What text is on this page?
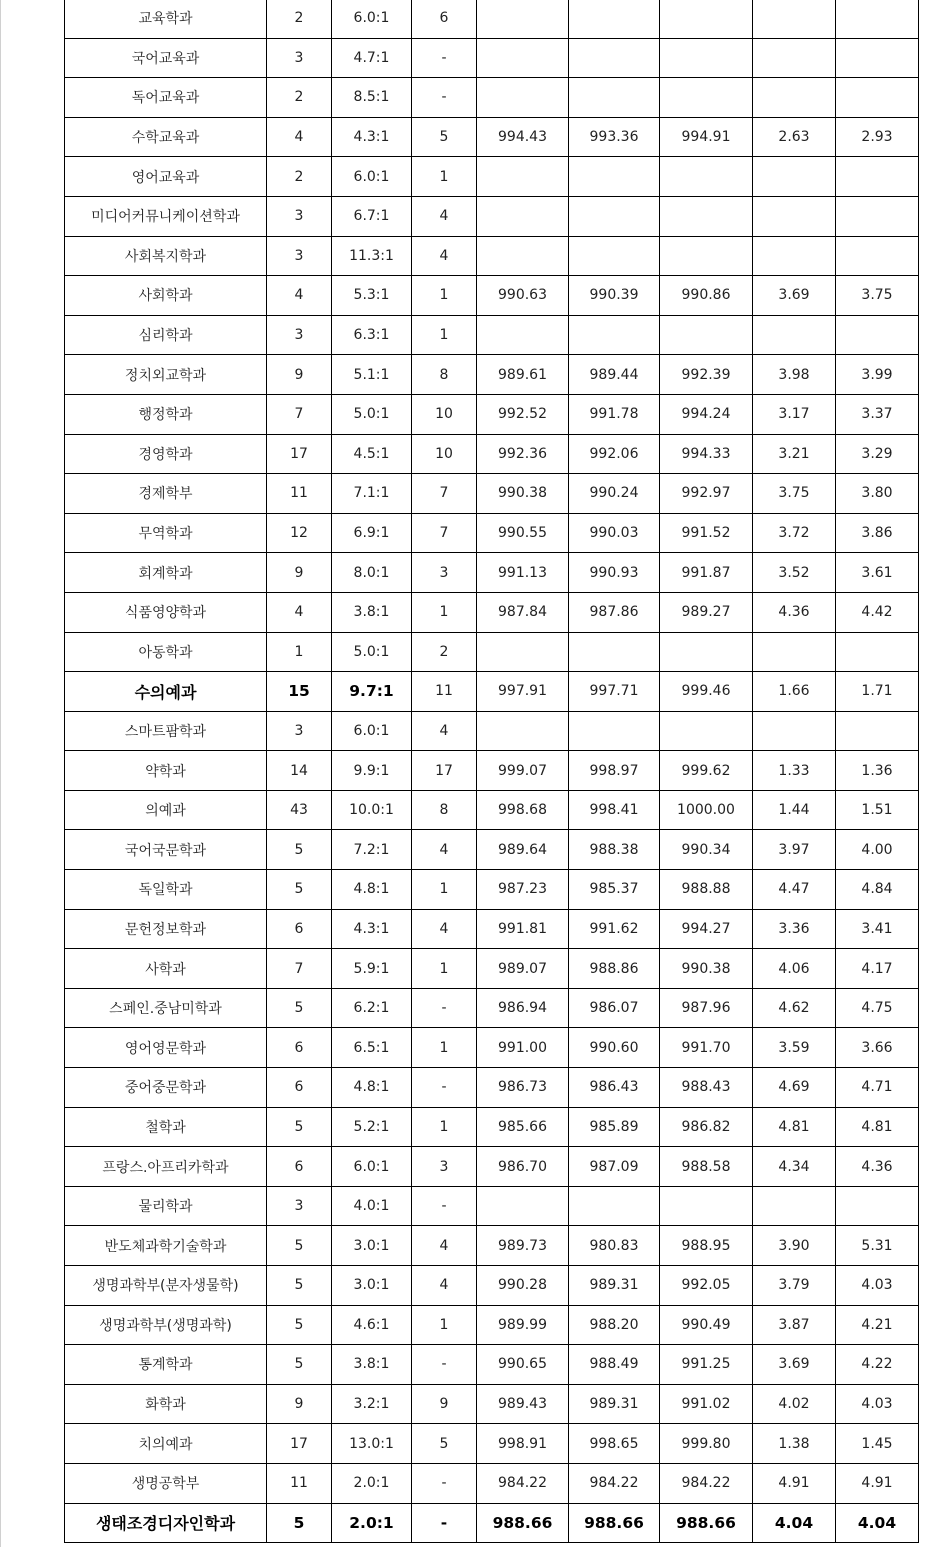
교육학과	2	6.0:1	6					
국어교육과	3	4.7:1	-					
독어교육과	2	8.5:1	-					
수학교육과	4	4.3:1	5	994.43	993.36	994.91	2.63	2.93
영어교육과	2	6.0:1	1					
미디어커뮤니케이션학과	3	6.7:1	4					
사회복지학과	3	11.3:1	4					
사회학과	4	5.3:1	1	990.63	990.39	990.86	3.69	3.75
심리학과	3	6.3:1	1					
정치외교학과	9	5.1:1	8	989.61	989.44	992.39	3.98	3.99
행정학과	7	5.0:1	10	992.52	991.78	994.24	3.17	3.37
경영학과	17	4.5:1	10	992.36	992.06	994.33	3.21	3.29
경제학부	11	7.1:1	7	990.38	990.24	992.97	3.75	3.80
무역학과	12	6.9:1	7	990.55	990.03	991.52	3.72	3.86
회계학과	9	8.0:1	3	991.13	990.93	991.87	3.52	3.61
식품영양학과	4	3.8:1	1	987.84	987.86	989.27	4.36	4.42
아동학과	1	5.0:1	2					
수의예과	15	9.7:1	11	997.91	997.71	999.46	1.66	1.71
스마트팜학과	3	6.0:1	4					
약학과	14	9.9:1	17	999.07	998.97	999.62	1.33	1.36
의예과	43	10.0:1	8	998.68	998.41	1000.00	1.44	1.51
국어국문학과	5	7.2:1	4	989.64	988.38	990.34	3.97	4.00
독일학과	5	4.8:1	1	987.23	985.37	988.88	4.47	4.84
문헌정보학과	6	4.3:1	4	991.81	991.62	994.27	3.36	3.41
사학과	7	5.9:1	1	989.07	988.86	990.38	4.06	4.17
스페인.중남미학과	5	6.2:1	-	986.94	986.07	987.96	4.62	4.75
영어영문학과	6	6.5:1	1	991.00	990.60	991.70	3.59	3.66
중어중문학과	6	4.8:1	-	986.73	986.43	988.43	4.69	4.71
철학과	5	5.2:1	1	985.66	985.89	986.82	4.81	4.81
프랑스.아프리카학과	6	6.0:1	3	986.70	987.09	988.58	4.34	4.36
물리학과	3	4.0:1	-					
반도체과학기술학과	5	3.0:1	4	989.73	980.83	988.95	3.90	5.31
생명과학부(분자생물학)	5	3.0:1	4	990.28	989.31	992.05	3.79	4.03
생명과학부(생명과학)	5	4.6:1	1	989.99	988.20	990.49	3.87	4.21
통계학과	5	3.8:1	-	990.65	988.49	991.25	3.69	4.22
화학과	9	3.2:1	9	989.43	989.31	991.02	4.02	4.03
치의예과	17	13.0:1	5	998.91	998.65	999.80	1.38	1.45
생명공학부	11	2.0:1	-	984.22	984.22	984.22	4.91	4.91
생태조경디자인학과	5	2.0:1	-	988.66	988.66	988.66	4.04	4.04
